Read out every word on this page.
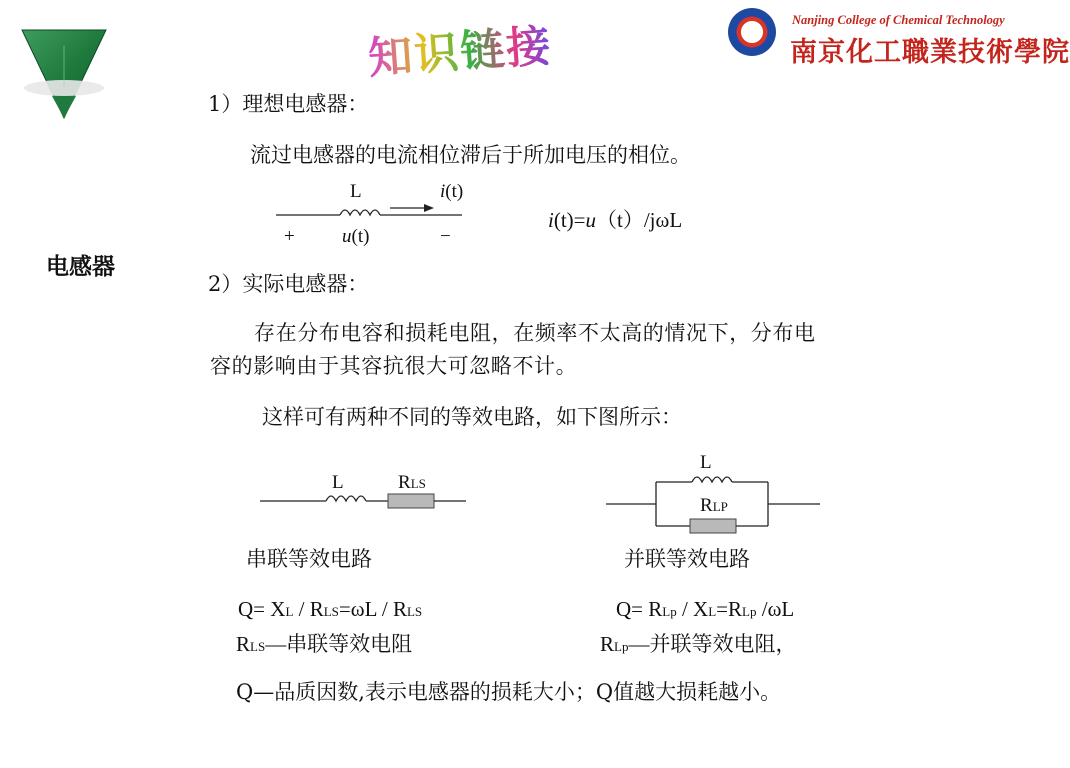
知识链接
Nanjing College of Chemical Technology
南京化工職業技術學院
电感器
1）理想电感器：
流过电感器的电流相位滞后于所加电压的相位。
L	i(t)
+ u(t)	−
i(t)=u（t）/jωL
2）实际电感器：
存在分布电容和损耗电阻，在频率不太高的情况下，分布电
容的影响由于其容抗很大可忽略不计。
这样可有两种不同的等效电路，如下图所示：
L	RLS
L
RLP
串联等效电路	并联等效电路
Q= XL / RLS=ωL / RLS	Q= RLp / XL=RLp /ωL
RLS—串联等效电阻	RLp—并联等效电阻，
Q—品质因数,表示电感器的损耗大小；Q值越大损耗越小。
